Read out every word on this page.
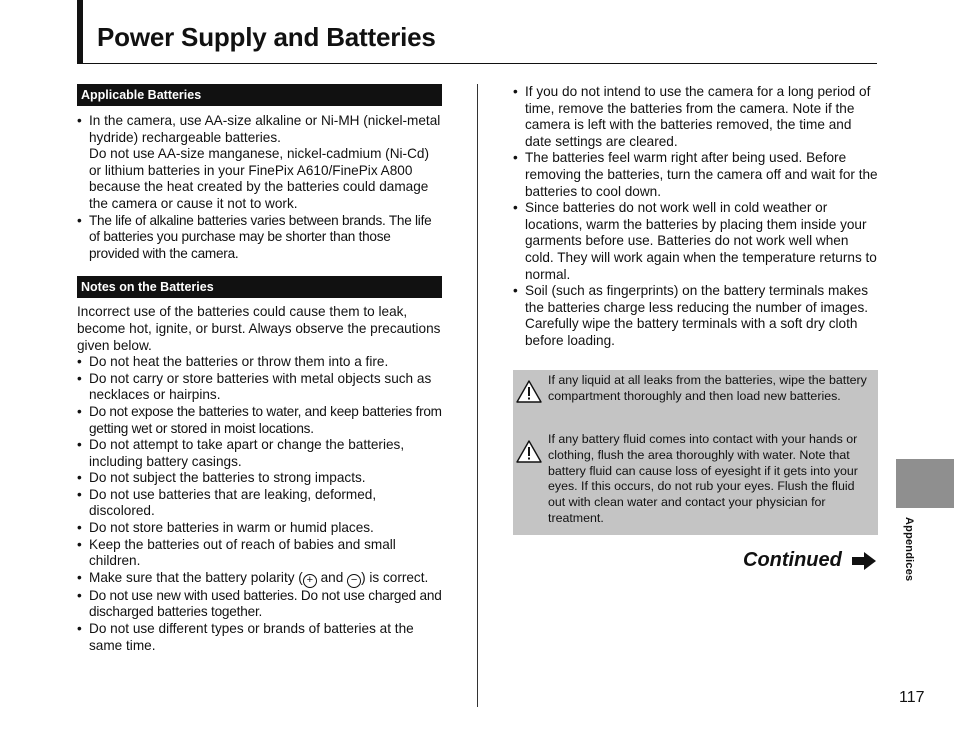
Power Supply and Batteries
Applicable Batteries
• In the camera, use AA-size alkaline or Ni-MH (nickel-metal hydride) rechargeable batteries.
Do not use AA-size manganese, nickel-cadmium (Ni-Cd) or lithium batteries in your FinePix A610/FinePix A800 because the heat created by the batteries could damage the camera or cause it not to work.
• The life of alkaline batteries varies between brands. The life of batteries you purchase may be shorter than those provided with the camera.
Notes on the Batteries

Incorrect use of the batteries could cause them to leak, become hot, ignite, or burst. Always observe the precautions given below.

• Do not heat the batteries or throw them into a fire.
• Do not carry or store batteries with metal objects such as necklaces or hairpins.
• Do not expose the batteries to water, and keep batteries from getting wet or stored in moist locations.
• Do not attempt to take apart or change the batteries, including battery casings.
• Do not subject the batteries to strong impacts.
• Do not use batteries that are leaking, deformed, discolored.
• Do not store batteries in warm or humid places.
• Keep the batteries out of reach of babies and small children.
• Make sure that the battery polarity ( + and − ) is correct.
• Do not use new with used batteries. Do not use charged and discharged batteries together.
• Do not use different types or brands of batteries at the same time.
• If you do not intend to use the camera for a long period of time, remove the batteries from the camera. Note if the camera is left with the batteries removed, the time and date settings are cleared.
• The batteries feel warm right after being used. Before removing the batteries, turn the camera off and wait for the batteries to cool down.
• Since batteries do not work well in cold weather or locations, warm the batteries by placing them inside your garments before use. Batteries do not work well when cold. They will work again when the temperature returns to normal.
• Soil (such as fingerprints) on the battery terminals makes the batteries charge less reducing the number of images. Carefully wipe the battery terminals with a soft dry cloth before loading.
If any liquid at all leaks from the batteries, wipe the battery compartment thoroughly and then load new batteries.
If any battery fluid comes into contact with your hands or clothing, flush the area thoroughly with water. Note that battery fluid can cause loss of eyesight if it gets into your eyes. If this occurs, do not rub your eyes. Flush the fluid out with clean water and contact your physician for treatment.
Continued	Appendices
117
